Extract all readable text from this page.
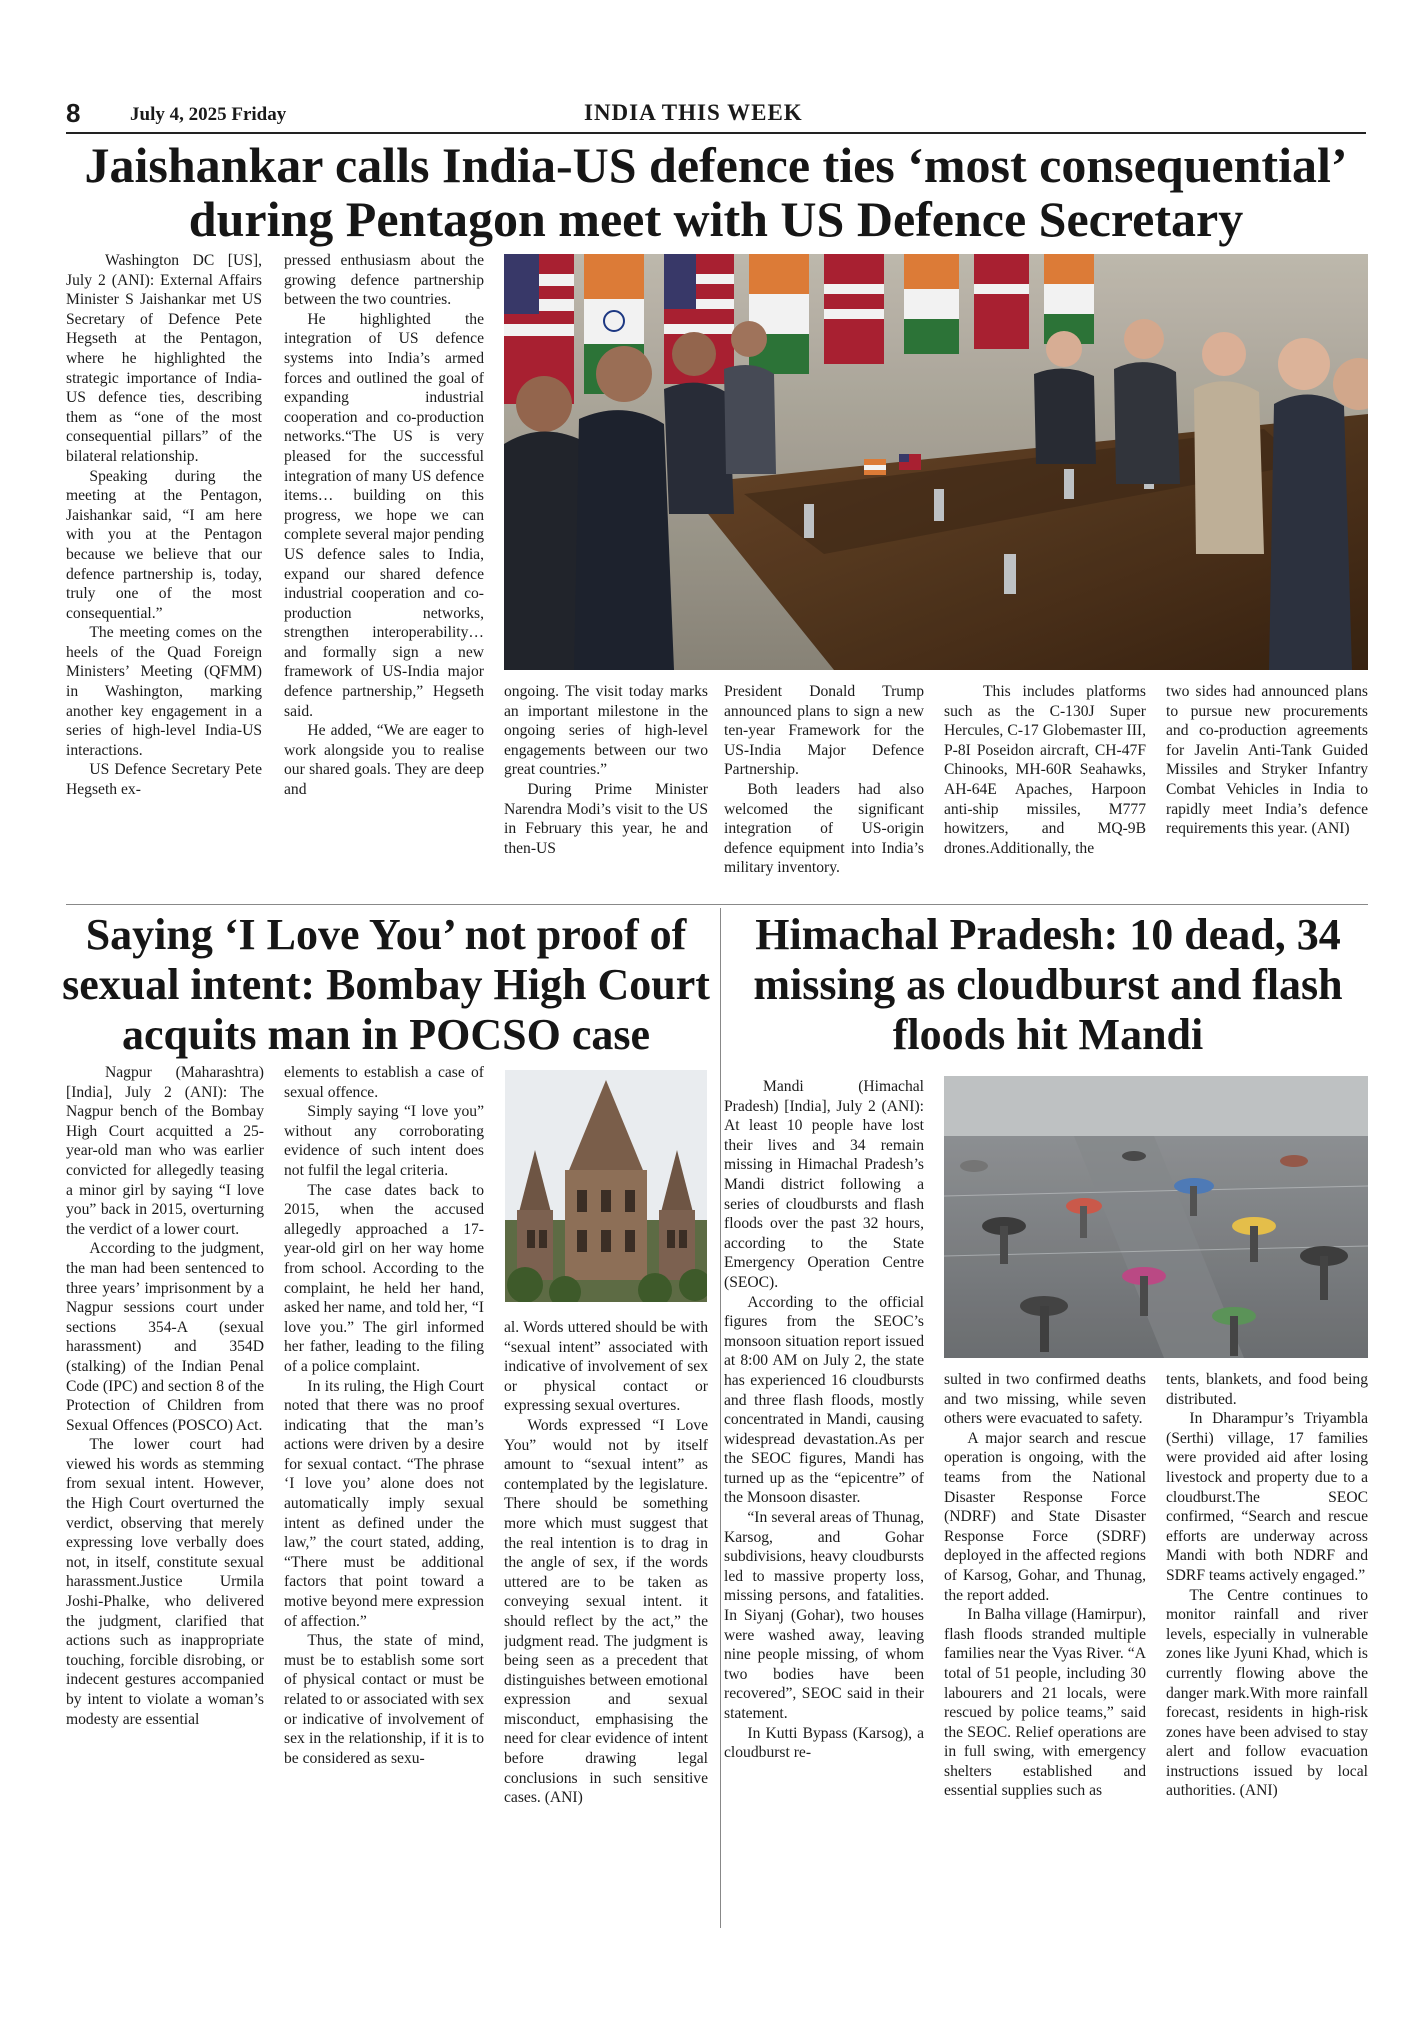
8	July 4, 2025 Friday	INDIA THIS WEEK
Jaishankar calls India-US defence ties ‘most consequential’ during Pentagon meet with US Defence Secretary

Washington DC [US], July 2 (ANI): External Affairs Minister S Jaishankar met US Secretary of Defence Pete Hegseth at the Pentagon, where he highlighted the strategic importance of India-US defence ties, describing them as “one of the most consequential pillars” of the bilateral relationship.

Speaking during the meeting at the Pentagon, Jaishankar said, “I am here with you at the Pentagon because we believe that our defence partnership is, today, truly one of the most consequential.”

The meeting comes on the heels of the Quad Foreign Ministers’ Meeting (QFMM) in Washington, marking another key engagement in a series of high-level India-US interactions.

US Defence Secretary Pete Hegseth ex-

pressed enthusiasm about the growing defence partnership between the two countries.

He highlighted the integration of US defence systems into India’s armed forces and outlined the goal of expanding industrial cooperation and co-production networks.“The US is very pleased for the successful integration of many US defence items… building on this progress, we hope we can complete several major pending US defence sales to India, expand our shared defence industrial cooperation and co-production networks, strengthen interoperability… and formally sign a new framework of US-India major defence partnership,” Hegseth said.

He added, “We are eager to work alongside you to realise our shared goals. They are deep and

ongoing. The visit today marks an important milestone in the ongoing series of high-level engagements between our two great countries.”

During Prime Minister Narendra Modi’s visit to the US in February this year, he and then-US

President Donald Trump announced plans to sign a new ten-year Framework for the US-India Major Defence Partnership.

Both leaders had also welcomed the significant integration of US-origin defence equipment into India’s military inventory.

This includes platforms such as the C-130J Super Hercules, C-17 Globemaster III, P-8I Poseidon aircraft, CH-47F Chinooks, MH-60R Seahawks, AH-64E Apaches, Harpoon anti-ship missiles, M777 howitzers, and MQ-9B drones.Additionally, the

two sides had announced plans to pursue new procurements and co-production agreements for Javelin Anti-Tank Guided Missiles and Stryker Infantry Combat Vehicles in India to rapidly meet India’s defence requirements this year. (ANI)

Saying ‘I Love You’ not proof of sexual intent: Bombay High Court acquits man in POCSO case

Nagpur (Maharashtra) [India], July 2 (ANI): The Nagpur bench of the Bombay High Court acquitted a 25-year-old man who was earlier convicted for allegedly teasing a minor girl by saying “I love you” back in 2015, overturning the verdict of a lower court.

According to the judgment, the man had been sentenced to three years’ imprisonment by a Nagpur sessions court under sections 354-A (sexual harassment) and 354D (stalking) of the Indian Penal Code (IPC) and section 8 of the Protection of Children from Sexual Offences (POSCO) Act.

The lower court had viewed his words as stemming from sexual intent. However, the High Court overturned the verdict, observing that merely expressing love verbally does not, in itself, constitute sexual harassment.Justice Urmila Joshi-Phalke, who delivered the judgment, clarified that actions such as inappropriate touching, forcible disrobing, or indecent gestures accompanied by intent to violate a woman’s modesty are essential

elements to establish a case of sexual offence.

Simply saying “I love you” without any corroborating evidence of such intent does not fulfil the legal criteria.

The case dates back to 2015, when the accused allegedly approached a 17-year-old girl on her way home from school. According to the complaint, he held her hand, asked her name, and told her, “I love you.” The girl informed her father, leading to the filing of a police complaint.

In its ruling, the High Court noted that there was no proof indicating that the man’s actions were driven by a desire for sexual contact. “The phrase ‘I love you’ alone does not automatically imply sexual intent as defined under the law,” the court stated, adding, “There must be additional factors that point toward a motive beyond mere expression of affection.”

Thus, the state of mind, must be to establish some sort of physical contact or must be related to or associated with sex or indicative of involvement of sex in the relationship, if it is to be considered as sexu-

al. Words uttered should be with “sexual intent” associated with indicative of involvement of sex or physical contact or expressing sexual overtures.

Words expressed “I Love You” would not by itself amount to “sexual intent” as contemplated by the legislature. There should be something more which must suggest that the real intention is to drag in the angle of sex, if the words uttered are to be taken as conveying sexual intent. it should reflect by the act,” the judgment read. The judgment is being seen as a precedent that distinguishes between emotional expression and sexual misconduct, emphasising the need for clear evidence of intent before drawing legal conclusions in such sensitive cases. (ANI)

Himachal Pradesh: 10 dead, 34 missing as cloudburst and flash floods hit Mandi

Mandi (Himachal Pradesh) [India], July 2 (ANI): At least 10 people have lost their lives and 34 remain missing in Himachal Pradesh’s Mandi district following a series of cloudbursts and flash floods over the past 32 hours, according to the State Emergency Operation Centre (SEOC).

According to the official figures from the SEOC’s monsoon situation report issued at 8:00 AM on July 2, the state has experienced 16 cloudbursts and three flash floods, mostly concentrated in Mandi, causing widespread devastation.As per the SEOC figures, Mandi has turned up as the “epicentre” of the Monsoon disaster.

“In several areas of Thunag, Karsog, and Gohar subdivisions, heavy cloudbursts led to massive property loss, missing persons, and fatalities. In Siyanj (Gohar), two houses were washed away, leaving nine people missing, of whom two bodies have been recovered”, SEOC said in their statement.

In Kutti Bypass (Karsog), a cloudburst re-

sulted in two confirmed deaths and two missing, while seven others were evacuated to safety.

A major search and rescue operation is ongoing, with the teams from the National Disaster Response Force (NDRF) and State Disaster Response Force (SDRF) deployed in the affected regions of Karsog, Gohar, and Thunag, the report added.

In Balha village (Hamirpur), flash floods stranded multiple families near the Vyas River. “A total of 51 people, including 30 labourers and 21 locals, were rescued by police teams,” said the SEOC. Relief operations are in full swing, with emergency shelters established and essential supplies such as

tents, blankets, and food being distributed.

In Dharampur’s Triyambla (Serthi) village, 17 families were provided aid after losing livestock and property due to a cloudburst.The SEOC confirmed, “Search and rescue efforts are underway across Mandi with both NDRF and SDRF teams actively engaged.”

The Centre continues to monitor rainfall and river levels, especially in vulnerable zones like Jyuni Khad, which is currently flowing above the danger mark.With more rainfall forecast, residents in high-risk zones have been advised to stay alert and follow evacuation instructions issued by local authorities. (ANI)
